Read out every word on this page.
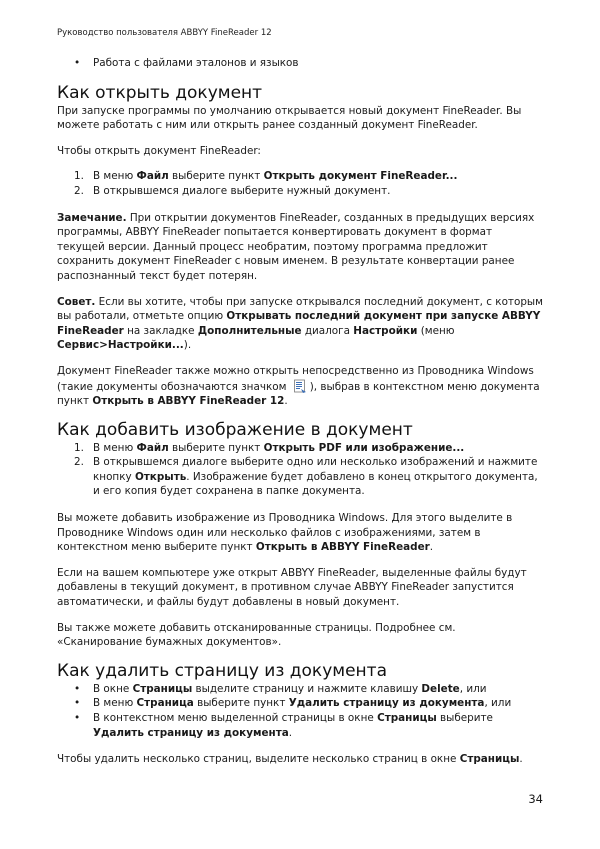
Руководство пользователя ABBYY FineReader 12
• Работа с файлами эталонов и языков
Как открыть документ

При запуске программы по умолчанию открывается новый документ FineReader. Вы можете работать с ним или открыть ранее созданный документ FineReader.

Чтобы открыть документ FineReader:

1. В меню Файл выберите пункт Открыть документ FineReader...
2. В открывшемся диалоге выберите нужный документ.

Замечание. При открытии документов FineReader, созданных в предыдущих версиях программы, ABBYY FineReader попытается конвертировать документ в формат текущей версии. Данный процесс необратим, поэтому программа предложит сохранить документ FineReader с новым именем. В результате конвертации ранее распознанный текст будет потерян.

Совет. Если вы хотите, чтобы при запуске открывался последний документ, с которым вы работали, отметьте опцию Открывать последний документ при запуске ABBYY FineReader на закладке Дополнительные диалога Настройки (меню Сервис>Настройки...).

Документ FineReader также можно открыть непосредственно из Проводника Windows (такие документы обозначаются значком ), выбрав в контекстном меню документа пункт Открыть в ABBYY FineReader 12.

Как добавить изображение в документ
1. В меню Файл выберите пункт Открыть PDF или изображение...
2. В открывшемся диалоге выберите одно или несколько изображений и нажмите кнопку Открыть. Изображение будет добавлено в конец открытого документа, и его копия будет сохранена в папке документа.

Вы можете добавить изображение из Проводника Windows. Для этого выделите в Проводнике Windows один или несколько файлов с изображениями, затем в контекстном меню выберите пункт Открыть в ABBYY FineReader.

Если на вашем компьютере уже открыт ABBYY FineReader, выделенные файлы будут добавлены в текущий документ, в противном случае ABBYY FineReader запустится автоматически, и файлы будут добавлены в новый документ.

Вы также можете добавить отсканированные страницы. Подробнее см. «Сканирование бумажных документов».

Как удалить страницу из документа
• В окне Страницы выделите страницу и нажмите клавишу Delete, или
• В меню Страница выберите пункт Удалить страницу из документа, или
• В контекстном меню выделенной страницы в окне Страницы выберите Удалить страницу из документа.

Чтобы удалить несколько страниц, выделите несколько страниц в окне Страницы.

34
